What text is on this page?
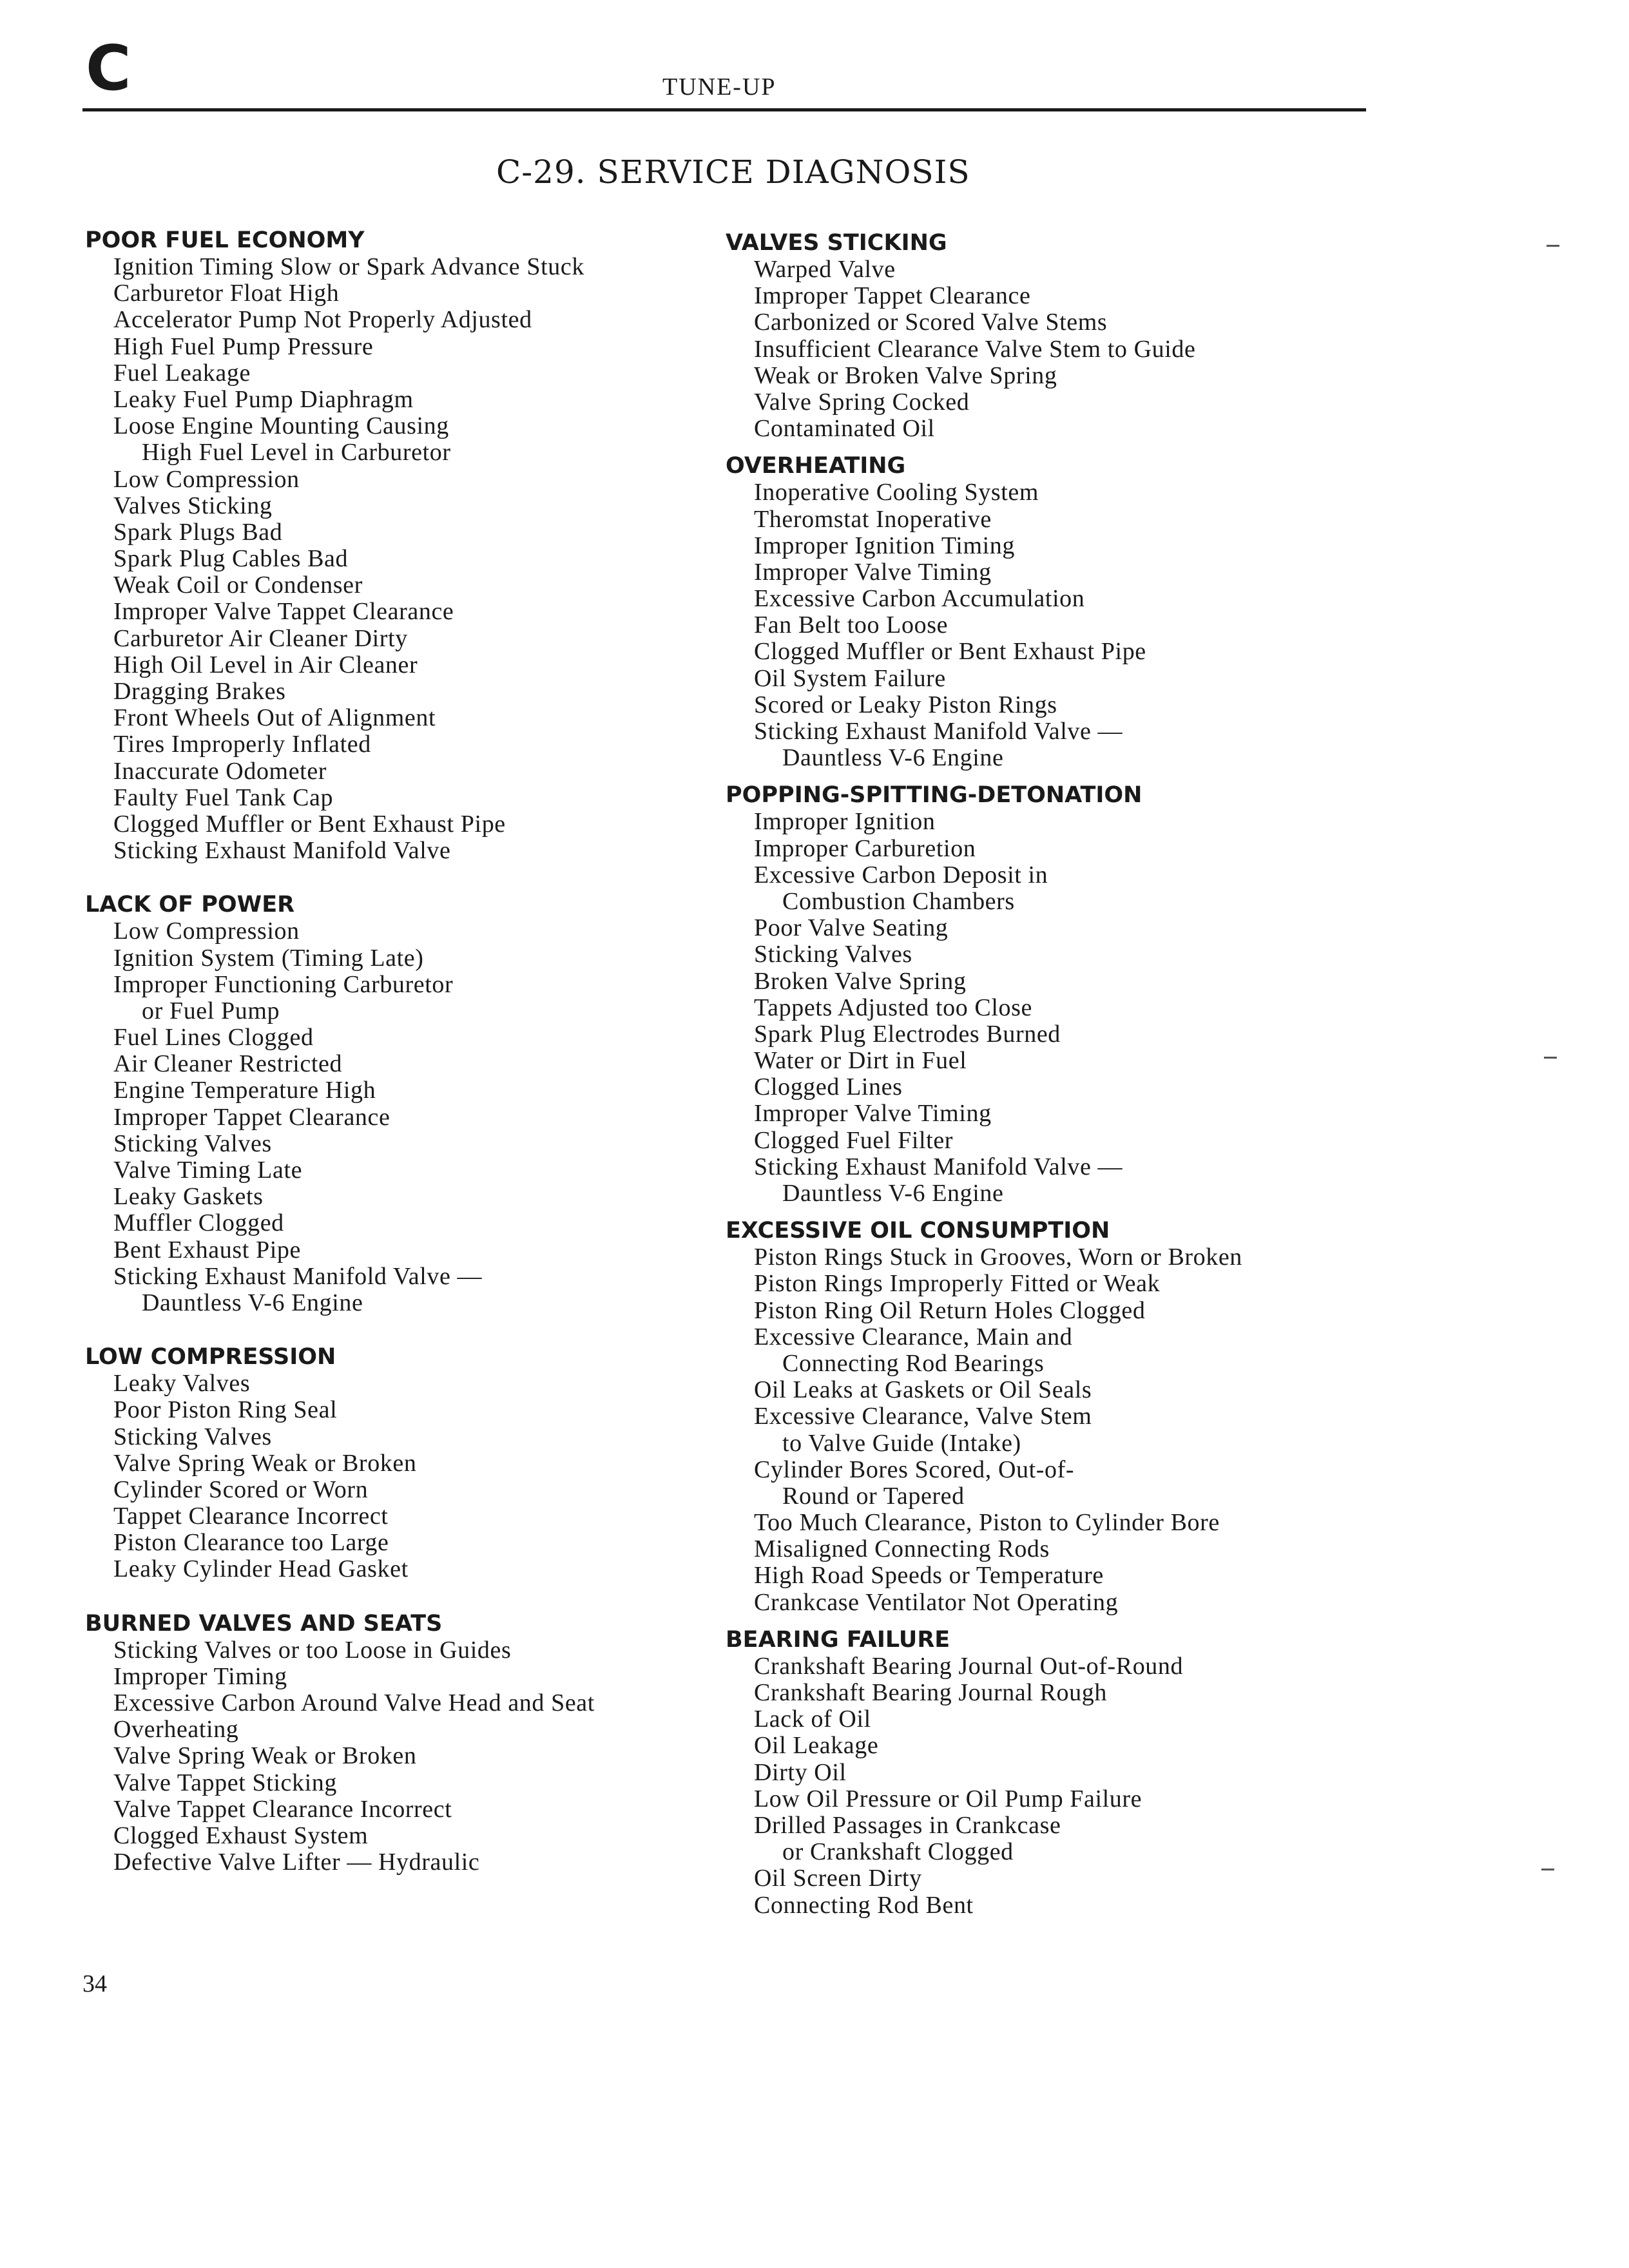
C	TUNE-UP
C-29. SERVICE DIAGNOSIS
POOR FUEL ECONOMY
Ignition Timing Slow or Spark Advance Stuck
Carburetor Float High
Accelerator Pump Not Properly Adjusted
High Fuel Pump Pressure
Fuel Leakage
Leaky Fuel Pump Diaphragm
Loose Engine Mounting Causing
High Fuel Level in Carburetor
Low Compression
Valves Sticking
Spark Plugs Bad
Spark Plug Cables Bad
Weak Coil or Condenser
Improper Valve Tappet Clearance
Carburetor Air Cleaner Dirty
High Oil Level in Air Cleaner
Dragging Brakes
Front Wheels Out of Alignment
Tires Improperly Inflated
Inaccurate Odometer
Faulty Fuel Tank Cap
Clogged Muffler or Bent Exhaust Pipe
Sticking Exhaust Manifold Valve
LACK OF POWER
Low Compression
Ignition System (Timing Late)
Improper Functioning Carburetor
or Fuel Pump
Fuel Lines Clogged
Air Cleaner Restricted
Engine Temperature High
Improper Tappet Clearance
Sticking Valves
Valve Timing Late
Leaky Gaskets
Muffler Clogged
Bent Exhaust Pipe
Sticking Exhaust Manifold Valve —
Dauntless V-6 Engine
LOW COMPRESSION
Leaky Valves
Poor Piston Ring Seal
Sticking Valves
Valve Spring Weak or Broken
Cylinder Scored or Worn
Tappet Clearance Incorrect
Piston Clearance too Large
Leaky Cylinder Head Gasket
BURNED VALVES AND SEATS
Sticking Valves or too Loose in Guides
Improper Timing
Excessive Carbon Around Valve Head and Seat
Overheating
Valve Spring Weak or Broken
Valve Tappet Sticking
Valve Tappet Clearance Incorrect
Clogged Exhaust System
Defective Valve Lifter — Hydraulic
VALVES STICKING
Warped Valve
Improper Tappet Clearance
Carbonized or Scored Valve Stems
Insufficient Clearance Valve Stem to Guide
Weak or Broken Valve Spring
Valve Spring Cocked
Contaminated Oil
OVERHEATING
Inoperative Cooling System
Theromstat Inoperative
Improper Ignition Timing
Improper Valve Timing
Excessive Carbon Accumulation
Fan Belt too Loose
Clogged Muffler or Bent Exhaust Pipe
Oil System Failure
Scored or Leaky Piston Rings
Sticking Exhaust Manifold Valve —
Dauntless V-6 Engine
POPPING-SPITTING-DETONATION
Improper Ignition
Improper Carburetion
Excessive Carbon Deposit in
Combustion Chambers
Poor Valve Seating
Sticking Valves
Broken Valve Spring
Tappets Adjusted too Close
Spark Plug Electrodes Burned
Water or Dirt in Fuel
Clogged Lines
Improper Valve Timing
Clogged Fuel Filter
Sticking Exhaust Manifold Valve —
Dauntless V-6 Engine
EXCESSIVE OIL CONSUMPTION
Piston Rings Stuck in Grooves, Worn or Broken
Piston Rings Improperly Fitted or Weak
Piston Ring Oil Return Holes Clogged
Excessive Clearance, Main and
Connecting Rod Bearings
Oil Leaks at Gaskets or Oil Seals
Excessive Clearance, Valve Stem
to Valve Guide (Intake)
Cylinder Bores Scored, Out-of-
Round or Tapered
Too Much Clearance, Piston to Cylinder Bore
Misaligned Connecting Rods
High Road Speeds or Temperature
Crankcase Ventilator Not Operating
BEARING FAILURE
Crankshaft Bearing Journal Out-of-Round
Crankshaft Bearing Journal Rough
Lack of Oil
Oil Leakage
Dirty Oil
Low Oil Pressure or Oil Pump Failure
Drilled Passages in Crankcase
or Crankshaft Clogged
Oil Screen Dirty
Connecting Rod Bent
34
